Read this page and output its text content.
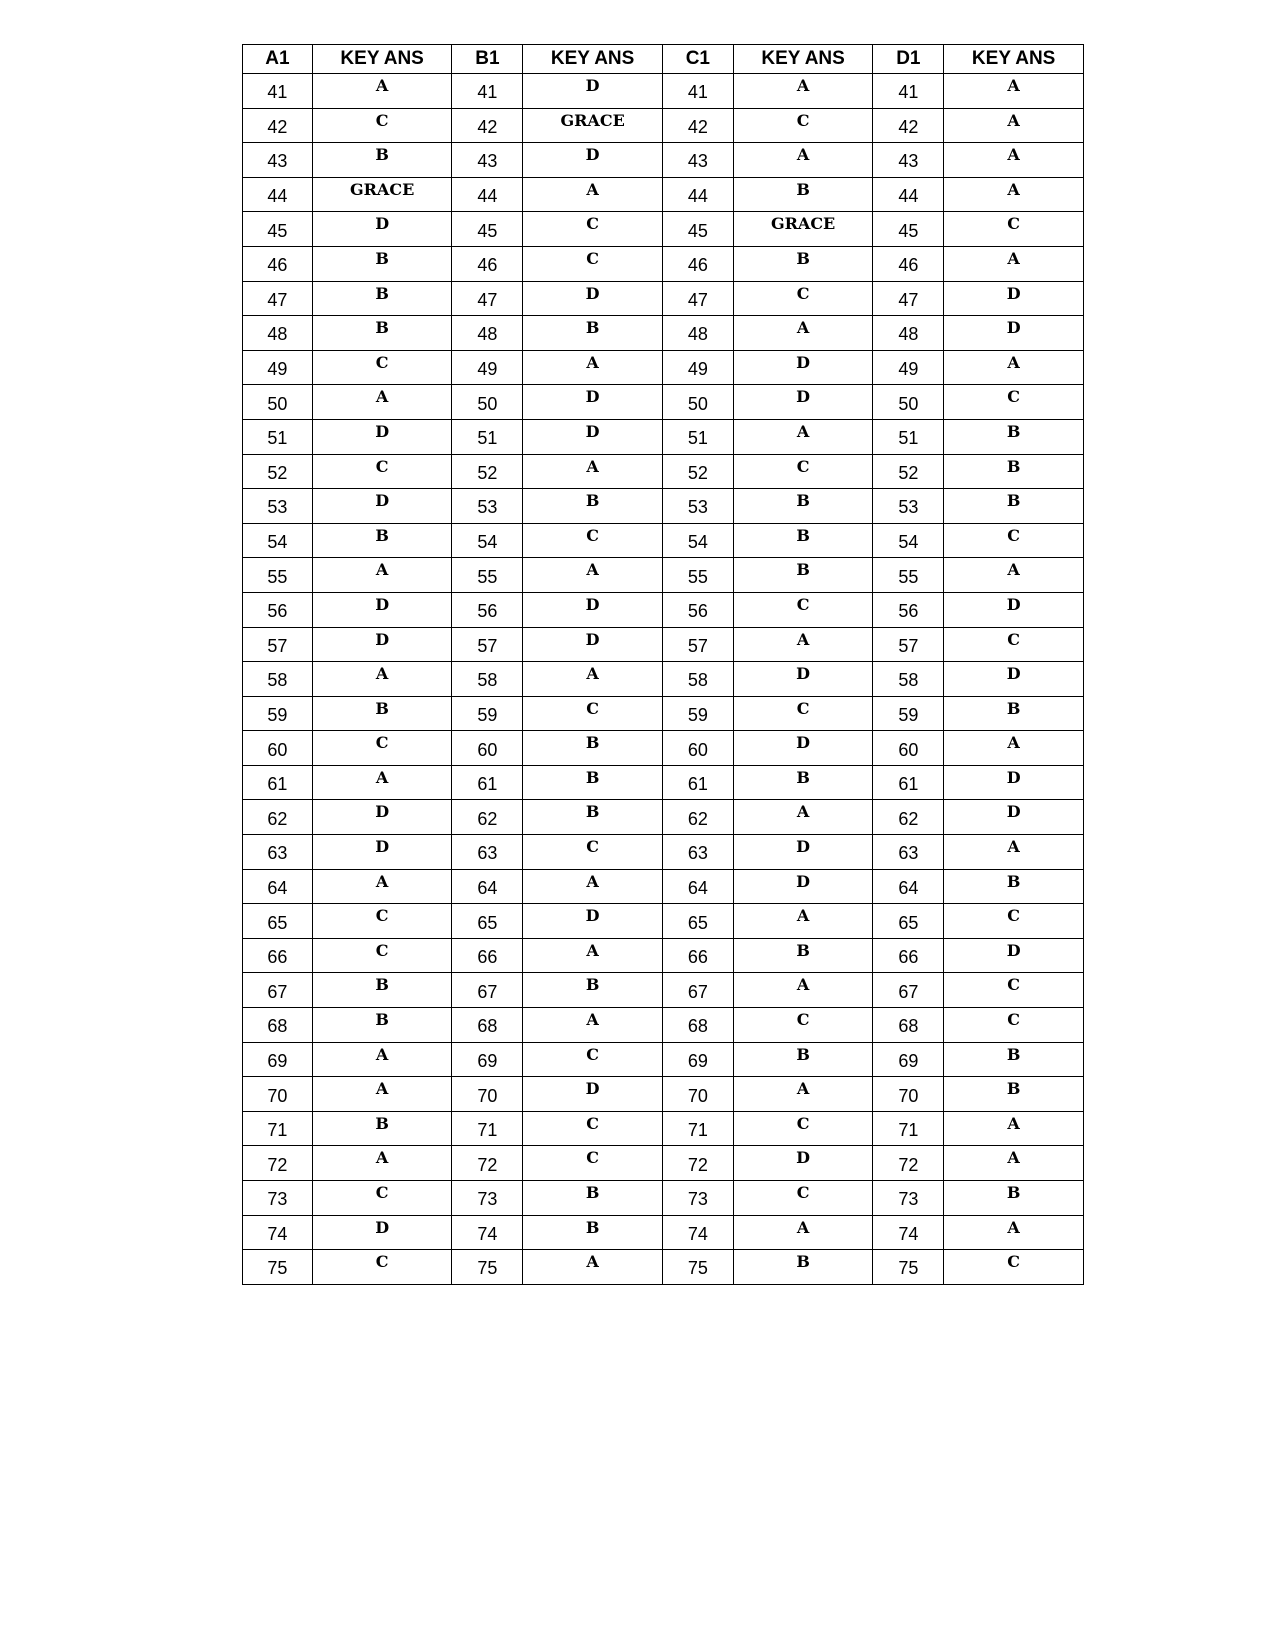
A1	KEY ANS	B1	KEY ANS	C1	KEY ANS	D1	KEY ANS
41	A	41	D	41	A	41	A
42	C	42	GRACE	42	C	42	A
43	B	43	D	43	A	43	A
44	GRACE	44	A	44	B	44	A
45	D	45	C	45	GRACE	45	C
46	B	46	C	46	B	46	A
47	B	47	D	47	C	47	D
48	B	48	B	48	A	48	D
49	C	49	A	49	D	49	A
50	A	50	D	50	D	50	C
51	D	51	D	51	A	51	B
52	C	52	A	52	C	52	B
53	D	53	B	53	B	53	B
54	B	54	C	54	B	54	C
55	A	55	A	55	B	55	A
56	D	56	D	56	C	56	D
57	D	57	D	57	A	57	C
58	A	58	A	58	D	58	D
59	B	59	C	59	C	59	B
60	C	60	B	60	D	60	A
61	A	61	B	61	B	61	D
62	D	62	B	62	A	62	D
63	D	63	C	63	D	63	A
64	A	64	A	64	D	64	B
65	C	65	D	65	A	65	C
66	C	66	A	66	B	66	D
67	B	67	B	67	A	67	C
68	B	68	A	68	C	68	C
69	A	69	C	69	B	69	B
70	A	70	D	70	A	70	B
71	B	71	C	71	C	71	A
72	A	72	C	72	D	72	A
73	C	73	B	73	C	73	B
74	D	74	B	74	A	74	A
75	C	75	A	75	B	75	C
